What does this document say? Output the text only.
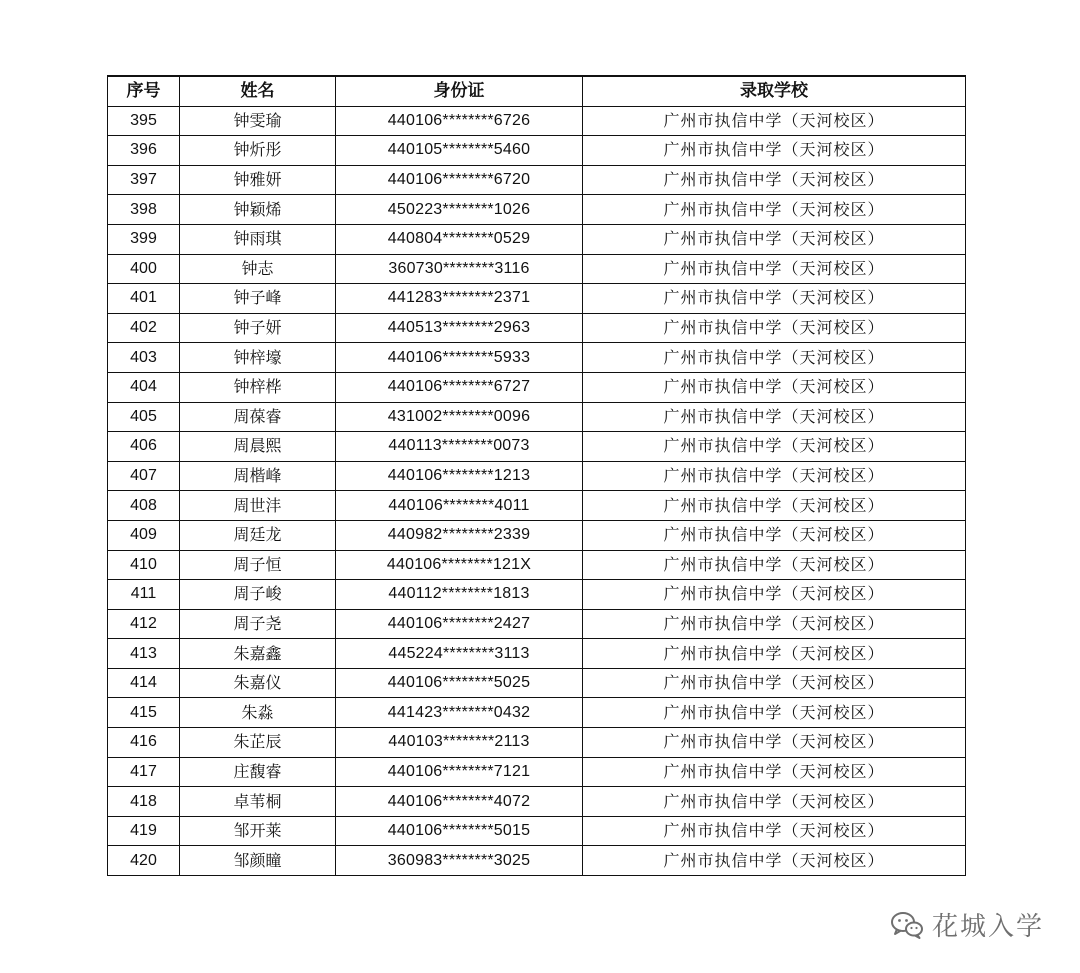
序号	姓名	身份证	录取学校
395	钟雯瑜	440106********6726	广州市执信中学（天河校区）
396	钟炘彤	440105********5460	广州市执信中学（天河校区）
397	钟雅妍	440106********6720	广州市执信中学（天河校区）
398	钟颖烯	450223********1026	广州市执信中学（天河校区）
399	钟雨琪	440804********0529	广州市执信中学（天河校区）
400	钟志	360730********3116	广州市执信中学（天河校区）
401	钟子峰	441283********2371	广州市执信中学（天河校区）
402	钟子妍	440513********2963	广州市执信中学（天河校区）
403	钟梓壕	440106********5933	广州市执信中学（天河校区）
404	钟梓桦	440106********6727	广州市执信中学（天河校区）
405	周葆睿	431002********0096	广州市执信中学（天河校区）
406	周晨熙	440113********0073	广州市执信中学（天河校区）
407	周楷峰	440106********1213	广州市执信中学（天河校区）
408	周世沣	440106********4011	广州市执信中学（天河校区）
409	周廷龙	440982********2339	广州市执信中学（天河校区）
410	周子恒	440106********121X	广州市执信中学（天河校区）
411	周子峻	440112********1813	广州市执信中学（天河校区）
412	周子尧	440106********2427	广州市执信中学（天河校区）
413	朱嘉鑫	445224********3113	广州市执信中学（天河校区）
414	朱嘉仪	440106********5025	广州市执信中学（天河校区）
415	朱淼	441423********0432	广州市执信中学（天河校区）
416	朱芷辰	440103********2113	广州市执信中学（天河校区）
417	庄馥睿	440106********7121	广州市执信中学（天河校区）
418	卓苇桐	440106********4072	广州市执信中学（天河校区）
419	邹开莱	440106********5015	广州市执信中学（天河校区）
420	邹颜瞳	360983********3025	广州市执信中学（天河校区）
花城入学
